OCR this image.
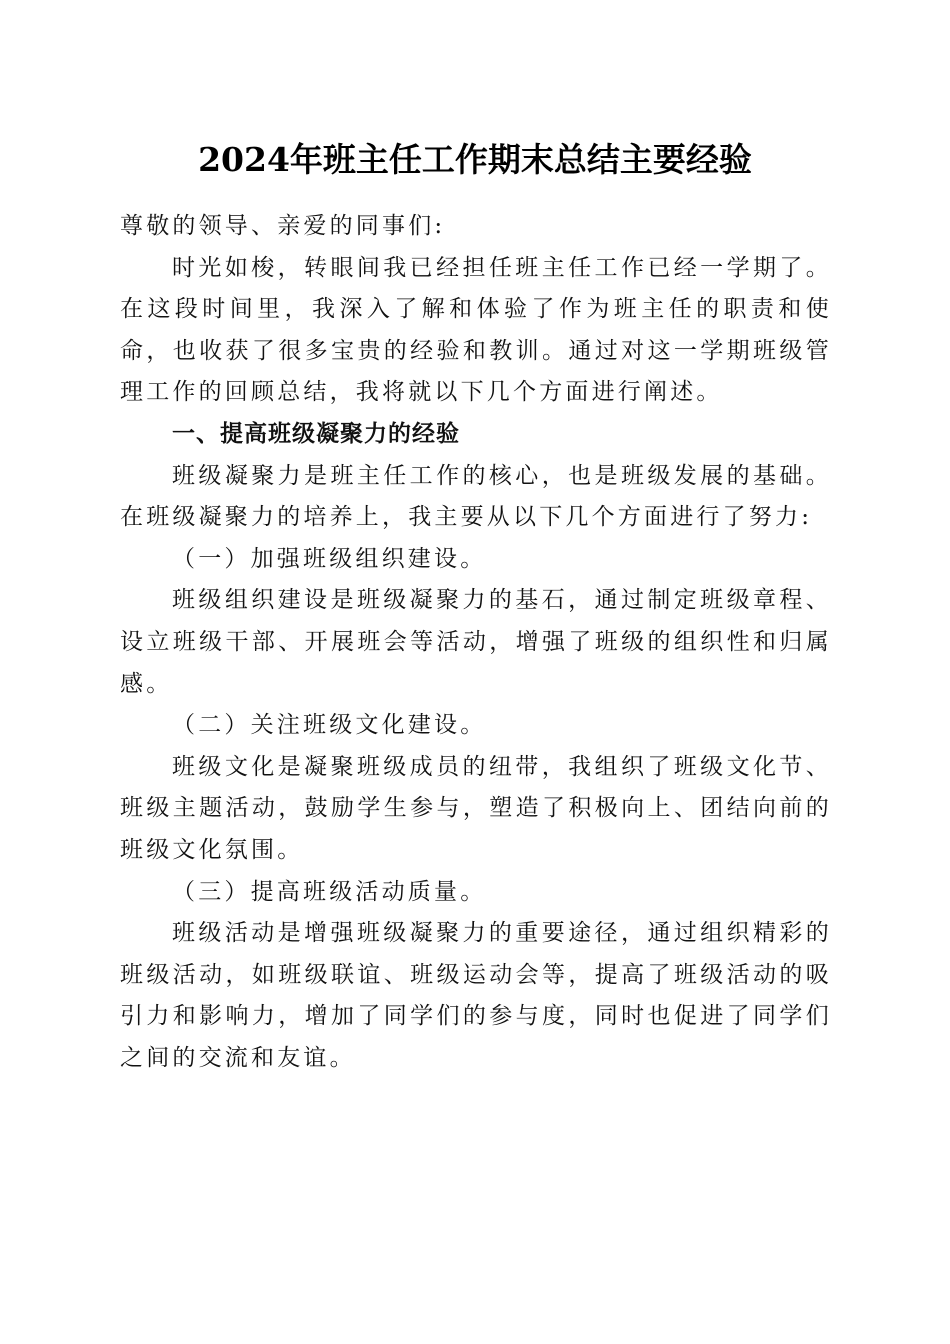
2024年班主任工作期末总结主要经验

尊敬的领导、亲爱的同事们:

时光如梭，转眼间我已经担任班主任工作已经一学期了。在这段时间里，我深入了解和体验了作为班主任的职责和使命，也收获了很多宝贵的经验和教训。通过对这一学期班级管理工作的回顾总结，我将就以下几个方面进行阐述。

一、提高班级凝聚力的经验

班级凝聚力是班主任工作的核心，也是班级发展的基础。在班级凝聚力的培养上，我主要从以下几个方面进行了努力:

（一）加强班级组织建设。

班级组织建设是班级凝聚力的基石，通过制定班级章程、设立班级干部、开展班会等活动，增强了班级的组织性和归属感。

（二）关注班级文化建设。

班级文化是凝聚班级成员的纽带，我组织了班级文化节、班级主题活动，鼓励学生参与，塑造了积极向上、团结向前的班级文化氛围。

（三）提高班级活动质量。

班级活动是增强班级凝聚力的重要途径，通过组织精彩的班级活动，如班级联谊、班级运动会等，提高了班级活动的吸引力和影响力，增加了同学们的参与度，同时也促进了同学们之间的交流和友谊。
